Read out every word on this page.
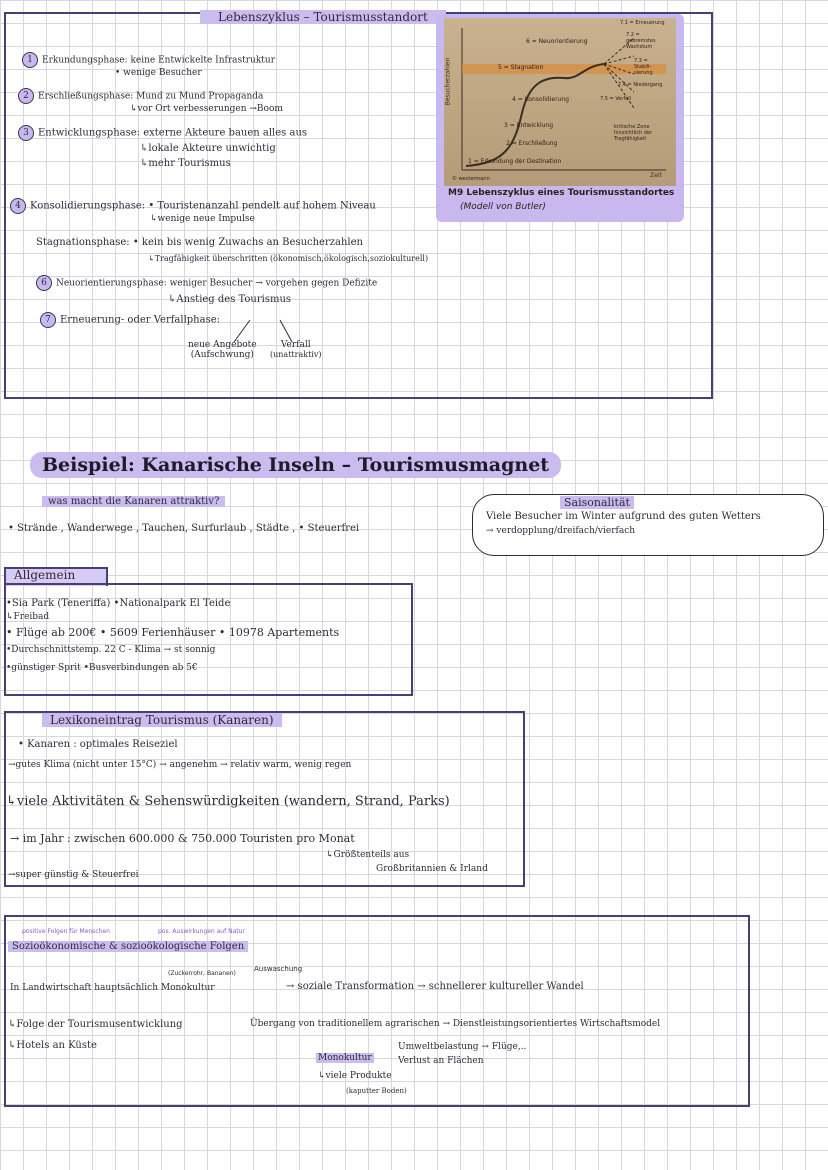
Lebenszyklus – Tourismusstandort
1 Erkundungsphase: keine Entwickelte Infrastruktur
• wenige Besucher
2 Erschließungsphase: Mund zu Mund Propaganda
↳vor Ort verbesserungen →Boom
3 Entwicklungsphase: externe Akteure bauen alles aus
↳lokale Akteure unwichtig
↳mehr Tourismus
4 Konsolidierungsphase: • Touristenanzahl pendelt auf hohem Niveau
↳wenige neue Impulse
Stagnationsphase: • kein bis wenig Zuwachs an Besucherzahlen
↳Tragfähigkeit überschritten (ökonomisch,ökologisch,soziokulturell)
6 Neuorientierungsphase: weniger Besucher → vorgehen gegen Defizite
↳Anstieg des Tourismus
7 Erneuerung- oder Verfallphase:
neue Angebote
(Aufschwung)
Verfall
(unattraktiv)
Besucherzahlen
Zeit
1 = Erkundung der Destination
2 = Erschließung
3 = Entwicklung
4 = Konsolidierung
5 = Stagnation
6 = Neuorientierung
7.1 = Erneuerung
7.2 = gebremstes Wachstum
7.3 = Stabili-sierung
7.4 = Niedergang
7.5 = Verfall
kritische Zone hinsichtlich der Tragfähigkeit
© westermann
M9 Lebenszyklus eines Tourismusstandortes
(Modell von Butler)
Beispiel: Kanarische Inseln – Tourismusmagnet
was macht die Kanaren attraktiv?
• Strände , Wanderwege , Tauchen, Surfurlaub , Städte , • Steuerfrei
Saisonalität
Viele Besucher im Winter aufgrund des guten Wetters
→ verdopplung/dreifach/vierfach
Allgemein
•Sia Park (Teneriffa) •Nationalpark El Teide
↳Freibad
• Flüge ab 200€ • 5609 Ferienhäuser • 10978 Apartements
•Durchschnittstemp. 22 C - Klima → st sonnig
•günstiger Sprit •Busverbindungen ab 5€
Lexikoneintrag Tourismus (Kanaren)
• Kanaren : optimales Reiseziel
→gutes Klima (nicht unter 15°C) → angenehm → relativ warm, wenig regen
↳viele Aktivitäten & Sehenswürdigkeiten (wandern, Strand, Parks)
→ im Jahr : zwischen 600.000 & 750.000 Touristen pro Monat
↳Größtenteils aus
Großbritannien & Irland
→super günstig & Steuerfrei
positive Folgen für Menschen	pos. Auswirkungen auf Natur
Sozioökonomische & sozioökologische Folgen
(Zuckerrohr, Bananen)
Auswaschung
In Landwirtschaft hauptsächlich Monokultur	→ soziale Transformation → schnellerer kultureller Wandel
↳Folge der Tourismusentwicklung	Übergang von traditionellem agrarischen → Dienstleistungsorientiertes Wirtschaftsmodel
↳Hotels an Küste
Monokultur
↳viele Produkte
(kaputter Boden)
Umweltbelastung → Flüge,..
Verlust an Flächen
